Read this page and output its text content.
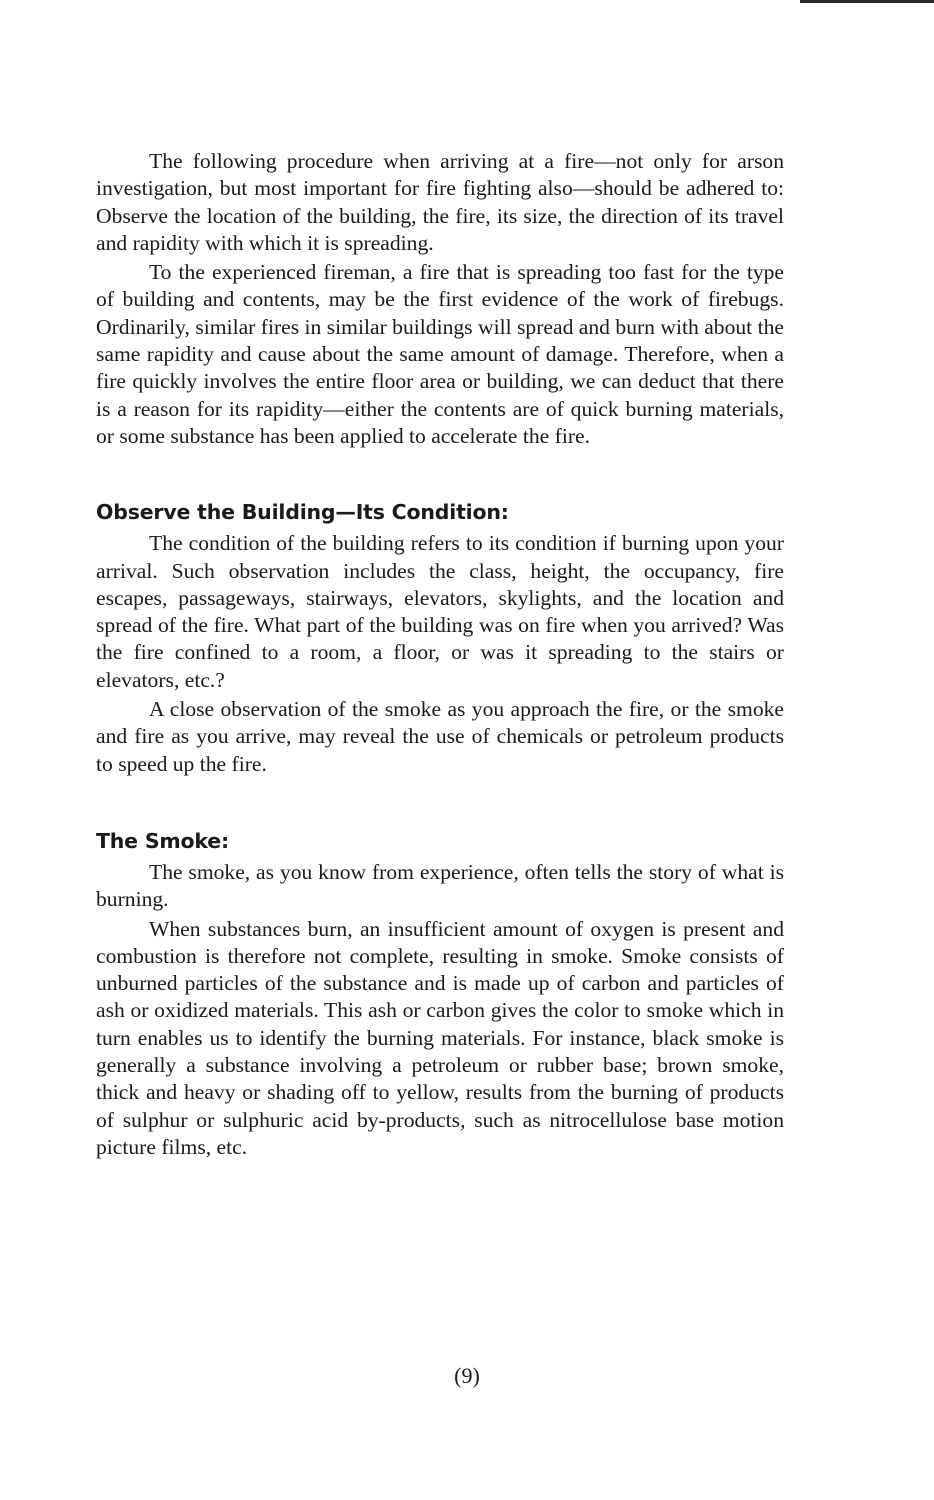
The following procedure when arriving at a fire—not only for arson investigation, but most important for fire fighting also—should be adhered to: Observe the location of the building, the fire, its size, the direction of its travel and rapidity with which it is spreading.

To the experienced fireman, a fire that is spreading too fast for the type of building and contents, may be the first evidence of the work of firebugs. Ordinarily, similar fires in similar buildings will spread and burn with about the same rapidity and cause about the same amount of damage. Therefore, when a fire quickly involves the entire floor area or building, we can deduct that there is a reason for its rapidity—either the contents are of quick burning materials, or some substance has been applied to accelerate the fire.

Observe the Building—Its Condition:

The condition of the building refers to its condition if burning upon your arrival. Such observation includes the class, height, the occupancy, fire escapes, passageways, stairways, elevators, skylights, and the location and spread of the fire. What part of the building was on fire when you arrived? Was the fire confined to a room, a floor, or was it spreading to the stairs or elevators, etc.?

A close observation of the smoke as you approach the fire, or the smoke and fire as you arrive, may reveal the use of chemicals or petroleum products to speed up the fire.

The Smoke:

The smoke, as you know from experience, often tells the story of what is burning.

When substances burn, an insufficient amount of oxygen is present and combustion is therefore not complete, resulting in smoke. Smoke consists of unburned particles of the substance and is made up of carbon and particles of ash or oxidized materials. This ash or carbon gives the color to smoke which in turn enables us to identify the burning materials. For instance, black smoke is generally a substance involving a petroleum or rubber base; brown smoke, thick and heavy or shading off to yellow, results from the burning of products of sulphur or sulphuric acid by-products, such as nitrocellulose base motion picture films, etc.

(9)
